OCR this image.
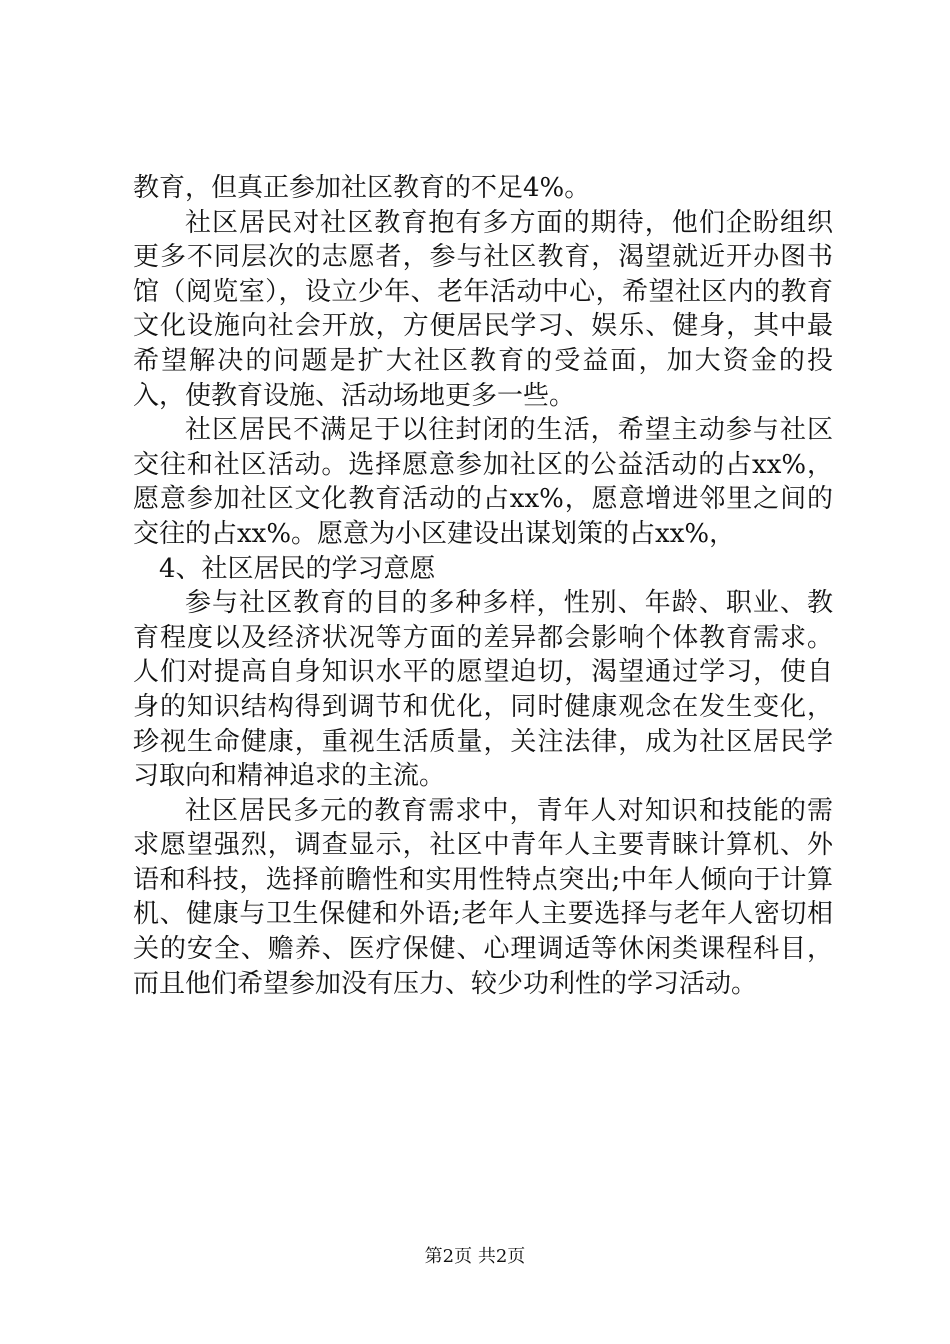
教育，但真正参加社区教育的不足4%。

社区居民对社区教育抱有多方面的期待，他们企盼组织更多不同层次的志愿者，参与社区教育，渴望就近开办图书馆（阅览室），设立少年、老年活动中心，希望社区内的教育文化设施向社会开放，方便居民学习、娱乐、健身，其中最希望解决的问题是扩大社区教育的受益面，加大资金的投入，使教育设施、活动场地更多一些。

社区居民不满足于以往封闭的生活，希望主动参与社区交往和社区活动。选择愿意参加社区的公益活动的占xx%，愿意参加社区文化教育活动的占xx%，愿意增进邻里之间的交往的占xx%。愿意为小区建设出谋划策的占xx%，

4、社区居民的学习意愿

参与社区教育的目的多种多样，性别、年龄、职业、教育程度以及经济状况等方面的差异都会影响个体教育需求。人们对提高自身知识水平的愿望迫切，渴望通过学习，使自身的知识结构得到调节和优化，同时健康观念在发生变化，珍视生命健康，重视生活质量，关注法律，成为社区居民学习取向和精神追求的主流。

社区居民多元的教育需求中，青年人对知识和技能的需求愿望强烈，调查显示，社区中青年人主要青睐计算机、外语和科技，选择前瞻性和实用性特点突出;中年人倾向于计算机、健康与卫生保健和外语;老年人主要选择与老年人密切相关的安全、赡养、医疗保健、心理调适等休闲类课程科目，而且他们希望参加没有压力、较少功利性的学习活动。

第2页 共2页
